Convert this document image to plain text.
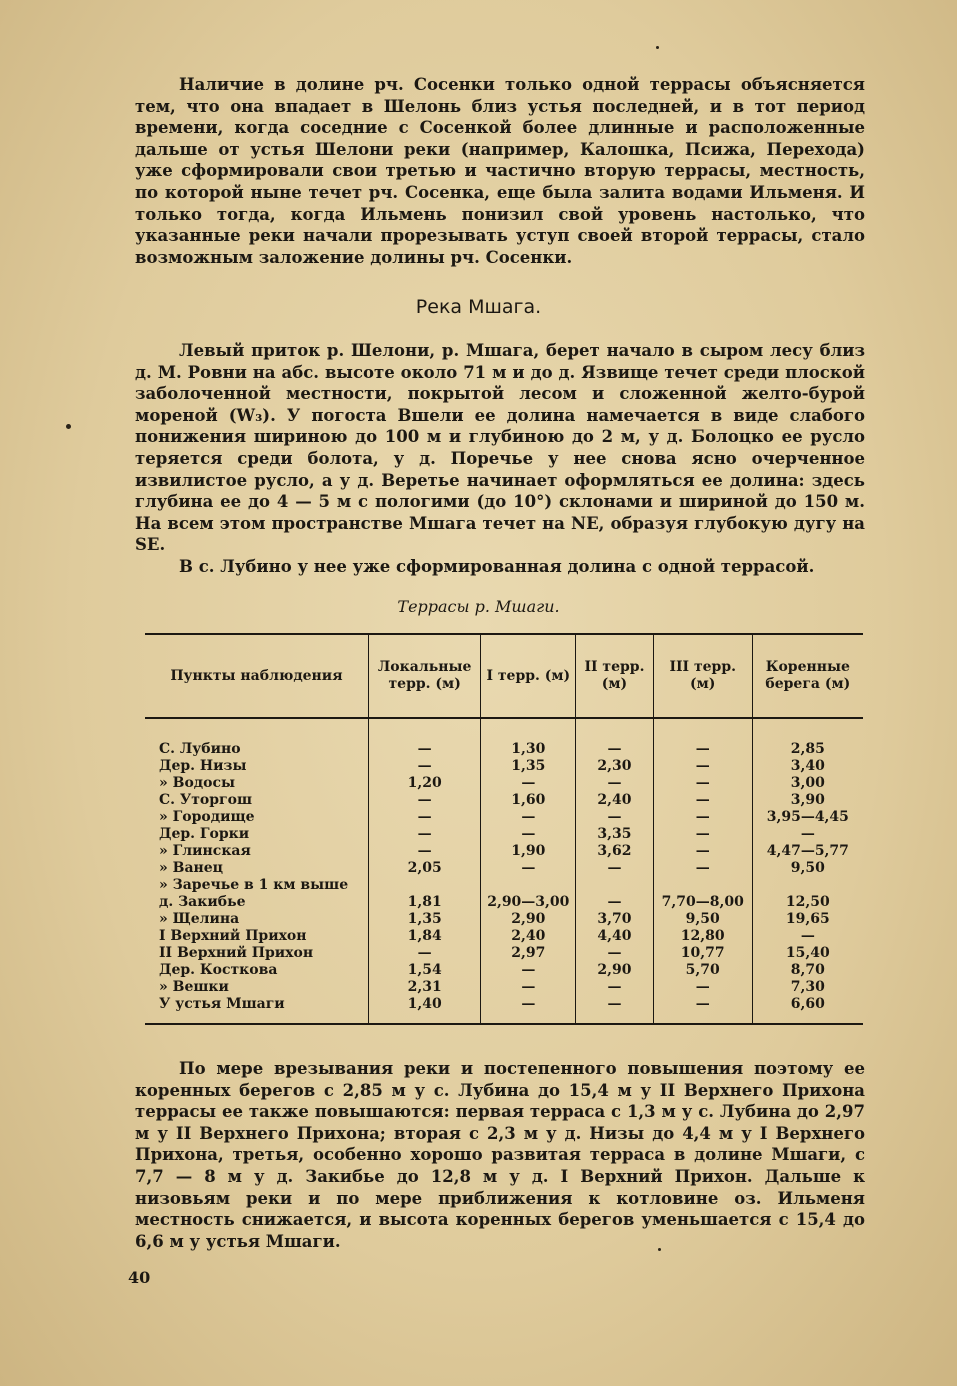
Наличие в долине рч. Сосенки только одной террасы объясняется тем, что она впадает в Шелонь близ устья последней, и в тот период времени, когда соседние с Сосенкой более длинные и расположенные дальше от устья Шелони реки (например, Калошка, Псижа, Перехода) уже сформировали свои третью и частично вторую террасы, местность, по которой ныне течет рч. Сосенка, еще была залита водами Ильменя. И только тогда, когда Ильмень понизил свой уровень настолько, что указанные реки начали прорезывать уступ своей второй террасы, стало возможным заложение долины рч. Сосенки.

Река Мшага.

Левый приток р. Шелони, р. Мшага, берет начало в сыром лесу близ д. М. Ровни на абс. высоте около 71 м и до д. Язвище течет среди плоской заболоченной местности, покрытой лесом и сложенной желто-бурой мореной (W₃). У погоста Вшели ее долина намечается в виде слабого понижения шириною до 100 м и глубиною до 2 м, у д. Болоцко ее русло теряется среди болота, у д. Поречье у нее снова ясно очерченное извилистое русло, а у д. Веретье начинает оформляться ее долина: здесь глубина ее до 4 — 5 м с пологими (до 10°) склонами и шириной до 150 м. На всем этом пространстве Мшага течет на NE, образуя глубокую дугу на SE.

В с. Лубино у нее уже сформированная долина с одной террасой.

Террасы р. Мшаги.
Пункты наблюдения	Локальные терр. (м)	I терр. (м)	II терр. (м)	III терр. (м)	Коренные берега (м)
С. Лубино	—	1,30	—	—	2,85
Дер. Низы	—	1,35	2,30	—	3,40
» Водосы	1,20	—	—	—	3,00
С. Уторгош	—	1,60	2,40	—	3,90
» Городище	—	—	—	—	3,95—4,45
Дер. Горки	—	—	3,35	—	—
» Глинская	—	1,90	3,62	—	4,47—5,77
» Ванец	2,05	—	—	—	9,50
» Заречье в 1 км выше					
д. Закибье	1,81	2,90—3,00	—	7,70—8,00	12,50
» Щелина	1,35	2,90	3,70	9,50	19,65
I Верхний Прихон	1,84	2,40	4,40	12,80	—
II Верхний Прихон	—	2,97	—	10,77	15,40
Дер. Косткова	1,54	—	2,90	5,70	8,70
» Вешки	2,31	—	—	—	7,30
У устья Мшаги	1,40	—	—	—	6,60

По мере врезывания реки и постепенного повышения поэтому ее коренных берегов с 2,85 м у с. Лубина до 15,4 м у II Верхнего Прихона террасы ее также повышаются: первая терраса с 1,3 м у с. Лубина до 2,97 м у II Верхнего Прихона; вторая с 2,3 м у д. Низы до 4,4 м у I Верхнего Прихона, третья, особенно хорошо развитая терраса в долине Мшаги, с 7,7 — 8 м у д. Закибье до 12,8 м у д. I Верхний Прихон. Дальше к низовьям реки и по мере приближения к котловине оз. Ильменя местность снижается, и высота коренных берегов уменьшается с 15,4 до 6,6 м у устья Мшаги.

40
